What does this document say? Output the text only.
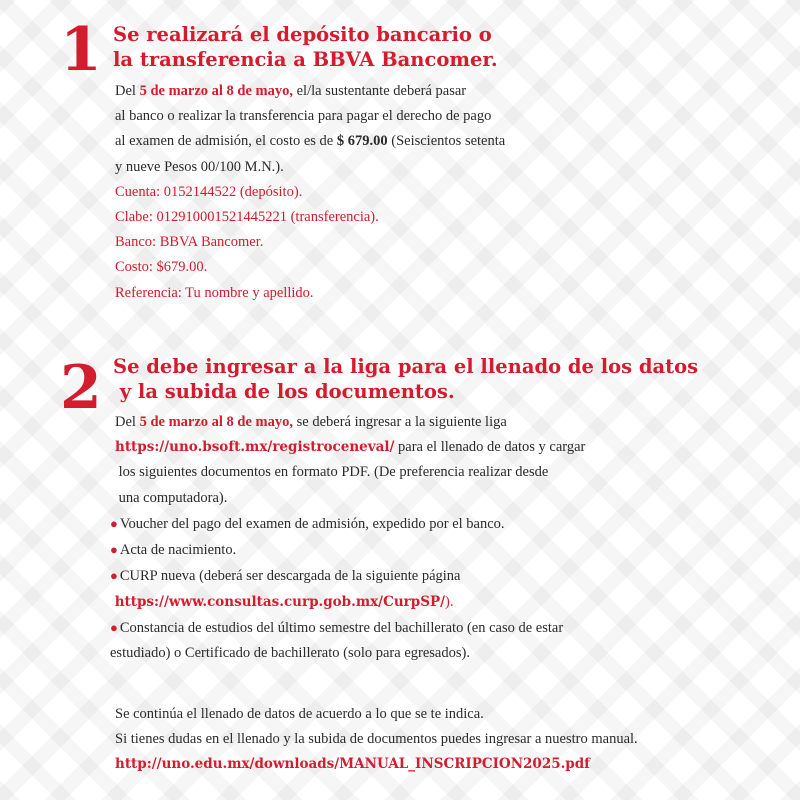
1 Se realizará el depósito bancario o
la transferencia a BBVA Bancomer.
Del 5 de marzo al 8 de mayo, el/la sustentante deberá pasar
al banco o realizar la transferencia para pagar el derecho de pago
al examen de admisión, el costo es de $ 679.00 (Seiscientos setenta
y nueve Pesos 00/100 M.N.).
Cuenta: 0152144522 (depósito).
Clabe: 012910001521445221 (transferencia).
Banco: BBVA Bancomer.
Costo: $679.00.
Referencia: Tu nombre y apellido.
2 Se debe ingresar a la liga para el llenado de los datos
y la subida de los documentos.
Del 5 de marzo al 8 de mayo, se deberá ingresar a la siguiente liga
https://uno.bsoft.mx/registroceneval/ para el llenado de datos y cargar
los siguientes documentos en formato PDF. (De preferencia realizar desde
una computadora).
● Voucher del pago del examen de admisión, expedido por el banco.
● Acta de nacimiento.
● CURP nueva (deberá ser descargada de la siguiente página
https://www.consultas.curp.gob.mx/CurpSP/).
● Constancia de estudios del último semestre del bachillerato (en caso de estar
estudiado) o Certificado de bachillerato (solo para egresados).
Se continúa el llenado de datos de acuerdo a lo que se te indica.
Si tienes dudas en el llenado y la subida de documentos puedes ingresar a nuestro manual.
http://uno.edu.mx/downloads/MANUAL_INSCRIPCION2025.pdf
